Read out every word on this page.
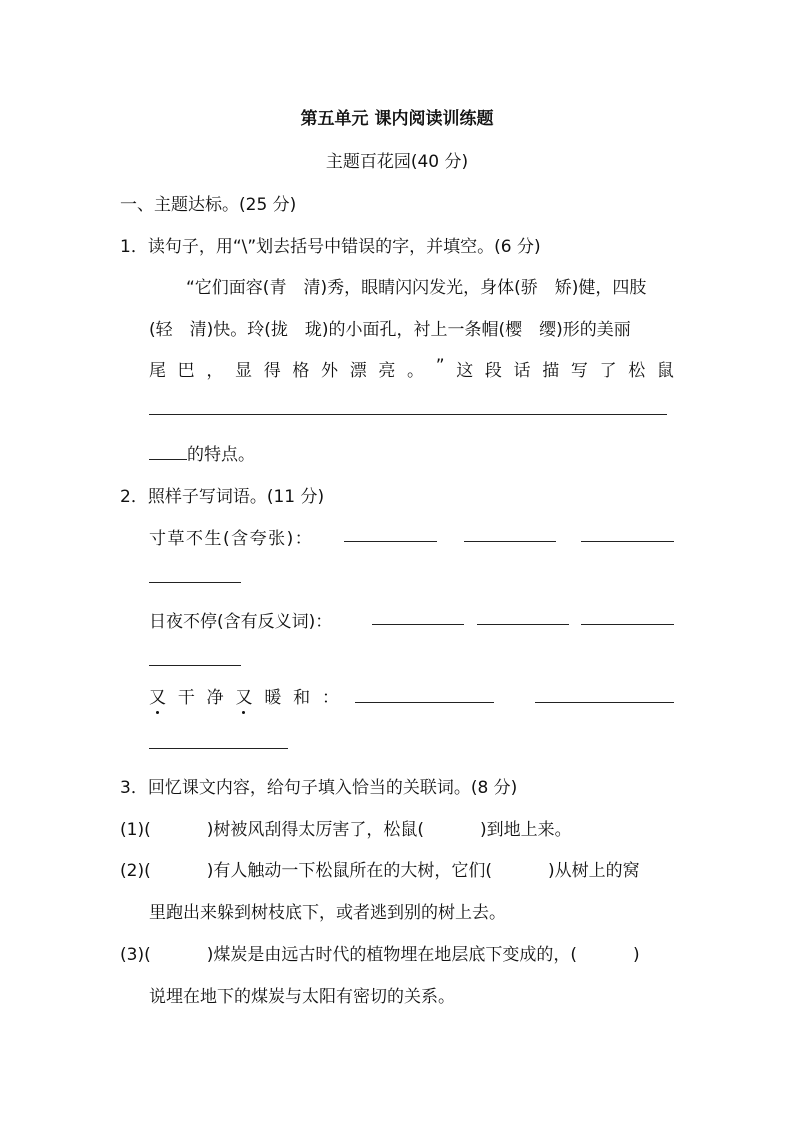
第五单元 课内阅读训练题
主题百花园(40 分)
一、主题达标。(25 分)
1．读句子，用“\”划去括号中错误的字，并填空。(6 分)
“它们面容(青　清)秀，眼睛闪闪发光，身体(骄　矫)健，四肢
(轻　清)快。玲(拢　珑)的小面孔，衬上一条帽(樱　缨)形的美丽
尾 巴 ， 显 得 格 外 漂 亮 。 ” 这 段 话 描 写 了 松 鼠
的特点。
2．照样子写词语。(11 分)
寸草不生(含夸张)：
日夜不停(含有反义词)：
又 干 净 又 暖 和 ：
3．回忆课文内容，给句子填入恰当的关联词。(8 分)
(1)(	)树被风刮得太厉害了，松鼠(	)到地上来。
(2)(	)有人触动一下松鼠所在的大树，它们(	)从树上的窝
里跑出来躲到树枝底下，或者逃到别的树上去。
(3)(	)煤炭是由远古时代的植物埋在地层底下变成的，(	)
说埋在地下的煤炭与太阳有密切的关系。
